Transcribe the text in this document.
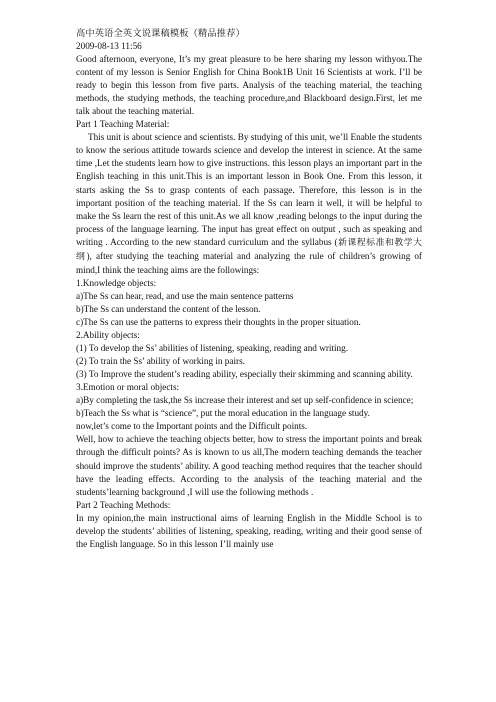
高中英语全英文说课稿模板（精品推荐）

2009-08-13 11:56

Good afternoon, everyone, It’s my great pleasure to be here sharing my lesson withyou.The content of my lesson is Senior English for China Book1B Unit 16 Scientists at work. I’ll be ready to begin this lesson from five parts. Analysis of the teaching material, the teaching methods, the studying methods, the teaching procedure,and Blackboard design.First, let me talk about the teaching material.

Part 1 Teaching Material:

This unit is about science and scientists. By studying of this unit, we’ll Enable the students to know the serious attitude towards science and develop the interest in science. At the same time ,Let the students learn how to give instructions. this lesson plays an important part in the English teaching in this unit.This is an important lesson in Book One. From this lesson, it starts asking the Ss to grasp contents of each passage. Therefore, this lesson is in the important position of the teaching material. If the Ss can learn it well, it will be helpful to make the Ss learn the rest of this unit.As we all know ,reading belongs to the input during the process of the language learning. The input has great effect on output , such as speaking and writing . According to the new standard curriculum and the syllabus (新课程标准和教学大纲), after studying the teaching material and analyzing the rule of children’s growing of mind,I think the teaching aims are the followings:

1.Knowledge objects:

a)The Ss can hear, read, and use the main sentence patterns

b)The Ss can understand the content of the lesson.

c)The Ss can use the patterns to express their thoughts in the proper situation.

2.Ability objects:

(1) To develop the Ss’ abilities of listening, speaking, reading and writing.

(2) To train the Ss’ ability of working in pairs.

(3) To Improve the student’s reading ability, especially their skimming and scanning ability.

3.Emotion or moral objects:

a)By completing the task,the Ss increase their interest and set up self-confidence in science;

b)Teach the Ss what is “science”, put the moral education in the language study.

now,let’s come to the Important points and the Difficult points.

Well, how to achieve the teaching objects better, how to stress the important points and break through the difficult points? As is known to us all,The modern teaching demands the teacher should improve the students’ ability. A good teaching method requires that the teacher should have the leading effects. According to the analysis of the teaching material and the students’learning background ,I will use the following methods .

Part 2 Teaching Methods:

In my opinion,the main instructional aims of learning English in the Middle School is to develop the students’ abilities of listening, speaking, reading, writing and their good sense of the English language. So in this lesson I’ll mainly use
